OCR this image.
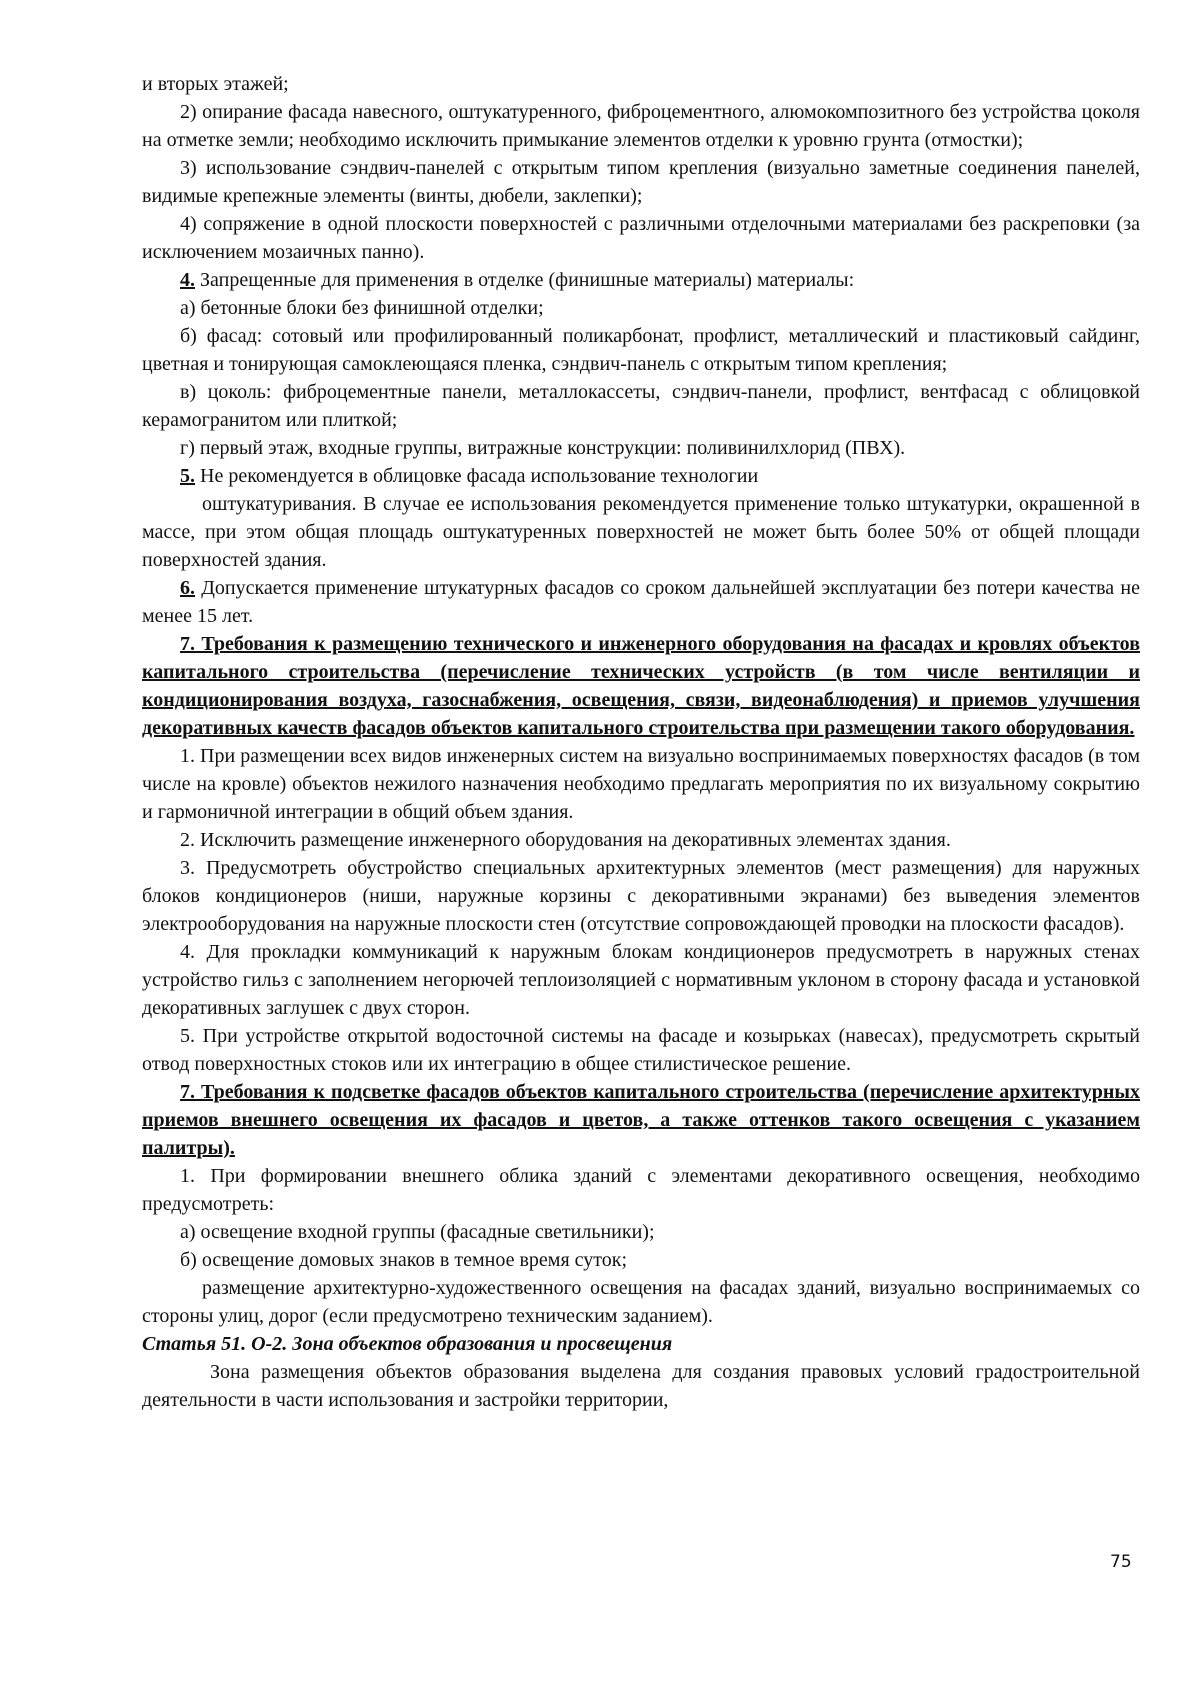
и вторых этажей;

2) опирание фасада навесного, оштукатуренного, фиброцементного, алюмокомпозитного без устройства цоколя на отметке земли; необходимо исключить примыкание элементов отделки к уровню грунта (отмостки);

3) использование сэндвич-панелей с открытым типом крепления (визуально заметные соединения панелей, видимые крепежные элементы (винты, дюбели, заклепки);

4) сопряжение в одной плоскости поверхностей с различными отделочными материалами без раскреповки (за исключением мозаичных панно).

4. Запрещенные для применения в отделке (финишные материалы) материалы:

а) бетонные блоки без финишной отделки;

б) фасад: сотовый или профилированный поликарбонат, профлист, металлический и пластиковый сайдинг, цветная и тонирующая самоклеющаяся пленка, сэндвич-панель с открытым типом крепления;

в) цоколь: фиброцементные панели, металлокассеты, сэндвич-панели, профлист, вентфасад с облицовкой керамогранитом или плиткой;

г) первый этаж, входные группы, витражные конструкции: поливинилхлорид (ПВХ).

5. Не рекомендуется в облицовке фасада использование технологии

оштукатуривания. В случае ее использования рекомендуется применение только штукатурки, окрашенной в массе, при этом общая площадь оштукатуренных поверхностей не может быть более 50% от общей площади поверхностей здания.

6. Допускается применение штукатурных фасадов со сроком дальнейшей эксплуатации без потери качества не менее 15 лет.

7. Требования к размещению технического и инженерного оборудования на фасадах и кровлях объектов капитального строительства (перечисление технических устройств (в том числе вентиляции и кондиционирования воздуха, газоснабжения, освещения, связи, видеонаблюдения) и приемов улучшения декоративных качеств фасадов объектов капитального строительства при размещении такого оборудования.

1. При размещении всех видов инженерных систем на визуально воспринимаемых поверхностях фасадов (в том числе на кровле) объектов нежилого назначения необходимо предлагать мероприятия по их визуальному сокрытию и гармоничной интеграции в общий объем здания.

2. Исключить размещение инженерного оборудования на декоративных элементах здания.

3. Предусмотреть обустройство специальных архитектурных элементов (мест размещения) для наружных блоков кондиционеров (ниши, наружные корзины с декоративными экранами) без выведения элементов электрооборудования на наружные плоскости стен (отсутствие сопровождающей проводки на плоскости фасадов).

4. Для прокладки коммуникаций к наружным блокам кондиционеров предусмотреть в наружных стенах устройство гильз с заполнением негорючей теплоизоляцией с нормативным уклоном в сторону фасада и установкой декоративных заглушек с двух сторон.

5. При устройстве открытой водосточной системы на фасаде и козырьках (навесах), предусмотреть скрытый отвод поверхностных стоков или их интеграцию в общее стилистическое решение.

7. Требования к подсветке фасадов объектов капитального строительства (перечисление архитектурных приемов внешнего освещения их фасадов и цветов, а также оттенков такого освещения с указанием палитры).

1. При формировании внешнего облика зданий с элементами декоративного освещения, необходимо предусмотреть:

а) освещение входной группы (фасадные светильники);

б) освещение домовых знаков в темное время суток;

размещение архитектурно-художественного освещения на фасадах зданий, визуально воспринимаемых со стороны улиц, дорог (если предусмотрено техническим заданием).

Статья 51. О-2. Зона объектов образования и просвещения

Зона размещения объектов образования выделена для создания правовых условий градостроительной деятельности в части использования и застройки территории,

75
